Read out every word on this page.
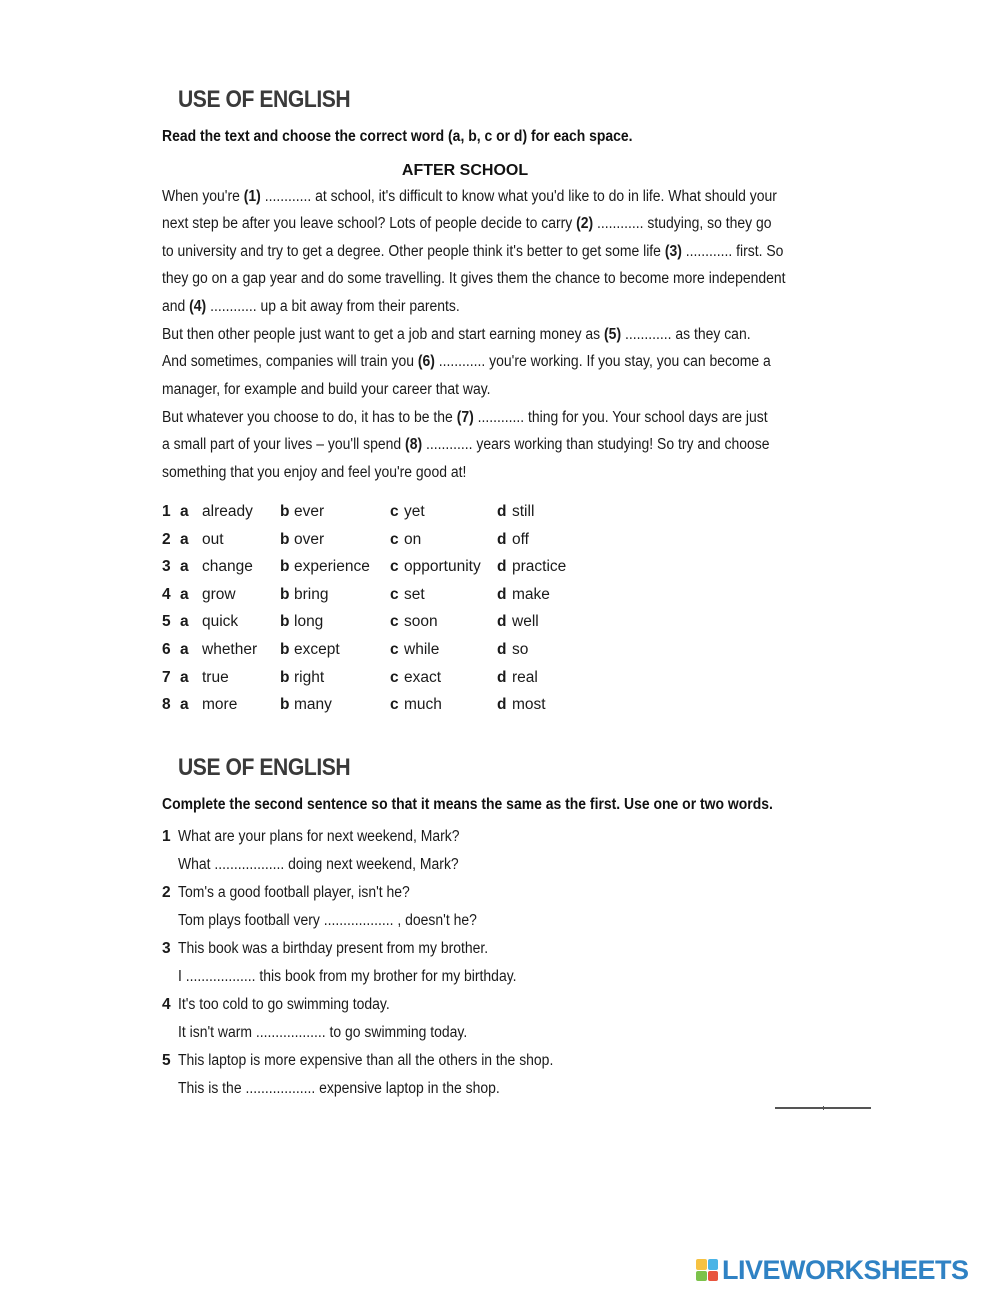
USE OF ENGLISH
Read the text and choose the correct word (a, b, c or d) for each space.
AFTER SCHOOL
When you're (1) ............ at school, it's difficult to know what you'd like to do in life. What should your
next step be after you leave school? Lots of people decide to carry (2) ............ studying, so they go
to university and try to get a degree. Other people think it's better to get some life (3) ............ first. So
they go on a gap year and do some travelling. It gives them the chance to become more independent
and (4) ............ up a bit away from their parents.
But then other people just want to get a job and start earning money as (5) ............ as they can.
And sometimes, companies will train you (6) ............ you're working. If you stay, you can become a
manager, for example and build your career that way.
But whatever you choose to do, it has to be the (7) ............ thing for you. Your school days are just
a small part of your lives – you'll spend (8) ............ years working than studying! So try and choose
something that you enjoy and feel you're good at!
1 a already b ever	c yet	d still
2 a out	b over	c on	d off
3 a change b experience c opportunity d practice
4 a grow	b bring	c set	d make
5 a quick	b long	c soon	d well
6 a whether b except	c while	d so
7 a true	b right	c exact	d real
8 a more	b many	c much	d most
USE OF ENGLISH
Complete the second sentence so that it means the same as the first. Use one or two words.
1 What are your plans for next weekend, Mark?
What .................. doing next weekend, Mark?
2 Tom's a good football player, isn't he?
Tom plays football very .................. , doesn't he?
3 This book was a birthday present from my brother.
I .................. this book from my brother for my birthday.
4 It's too cold to go swimming today.
It isn't warm .................. to go swimming today.
5 This laptop is more expensive than all the others in the shop.
This is the .................. expensive laptop in the shop.
LIVEWORKSHEETS
